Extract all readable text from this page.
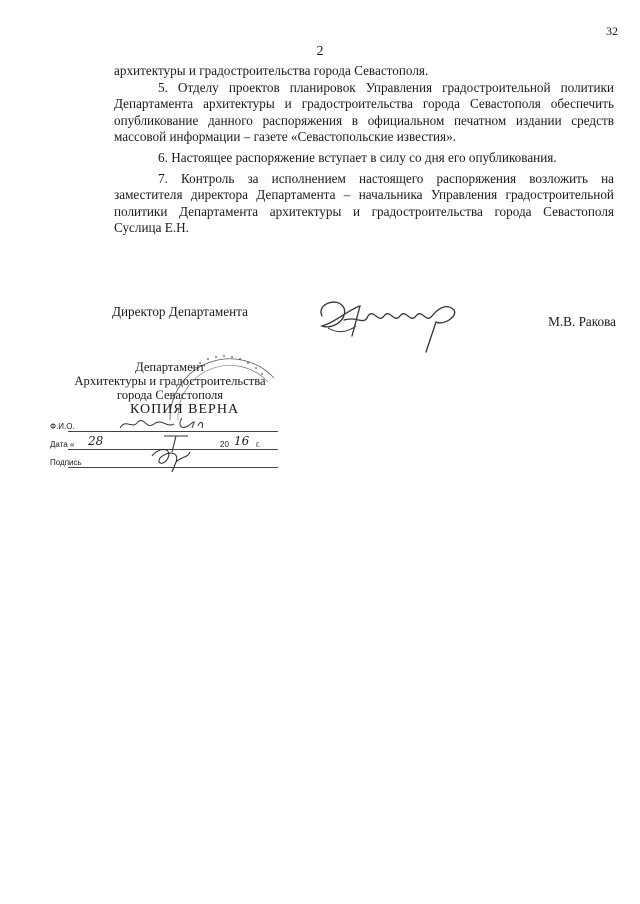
32
2

архитектуры и градостроительства города Севастополя.

5. Отделу проектов планировок Управления градостроительной политики Департамента архитектуры и градостроительства города Севастополя обеспечить опубликование данного распоряжения в официальном печатном издании средств массовой информации – газете «Севастопольские известия».

6. Настоящее распоряжение вступает в силу со дня его опубликования.

7. Контроль за исполнением настоящего распоряжения возложить на заместителя директора Департамента – начальника Управления градостроительной политики Департамента архитектуры и градостроительства города Севастополя Суслица Е.Н.

Директор Департамента
М.В. Ракова
Департамент
Архитектуры и градостроительства
города Севастополя
КОПИЯ ВЕРНА
Ф.И.О.
Дата « 28	20 16 г.
Подпись
